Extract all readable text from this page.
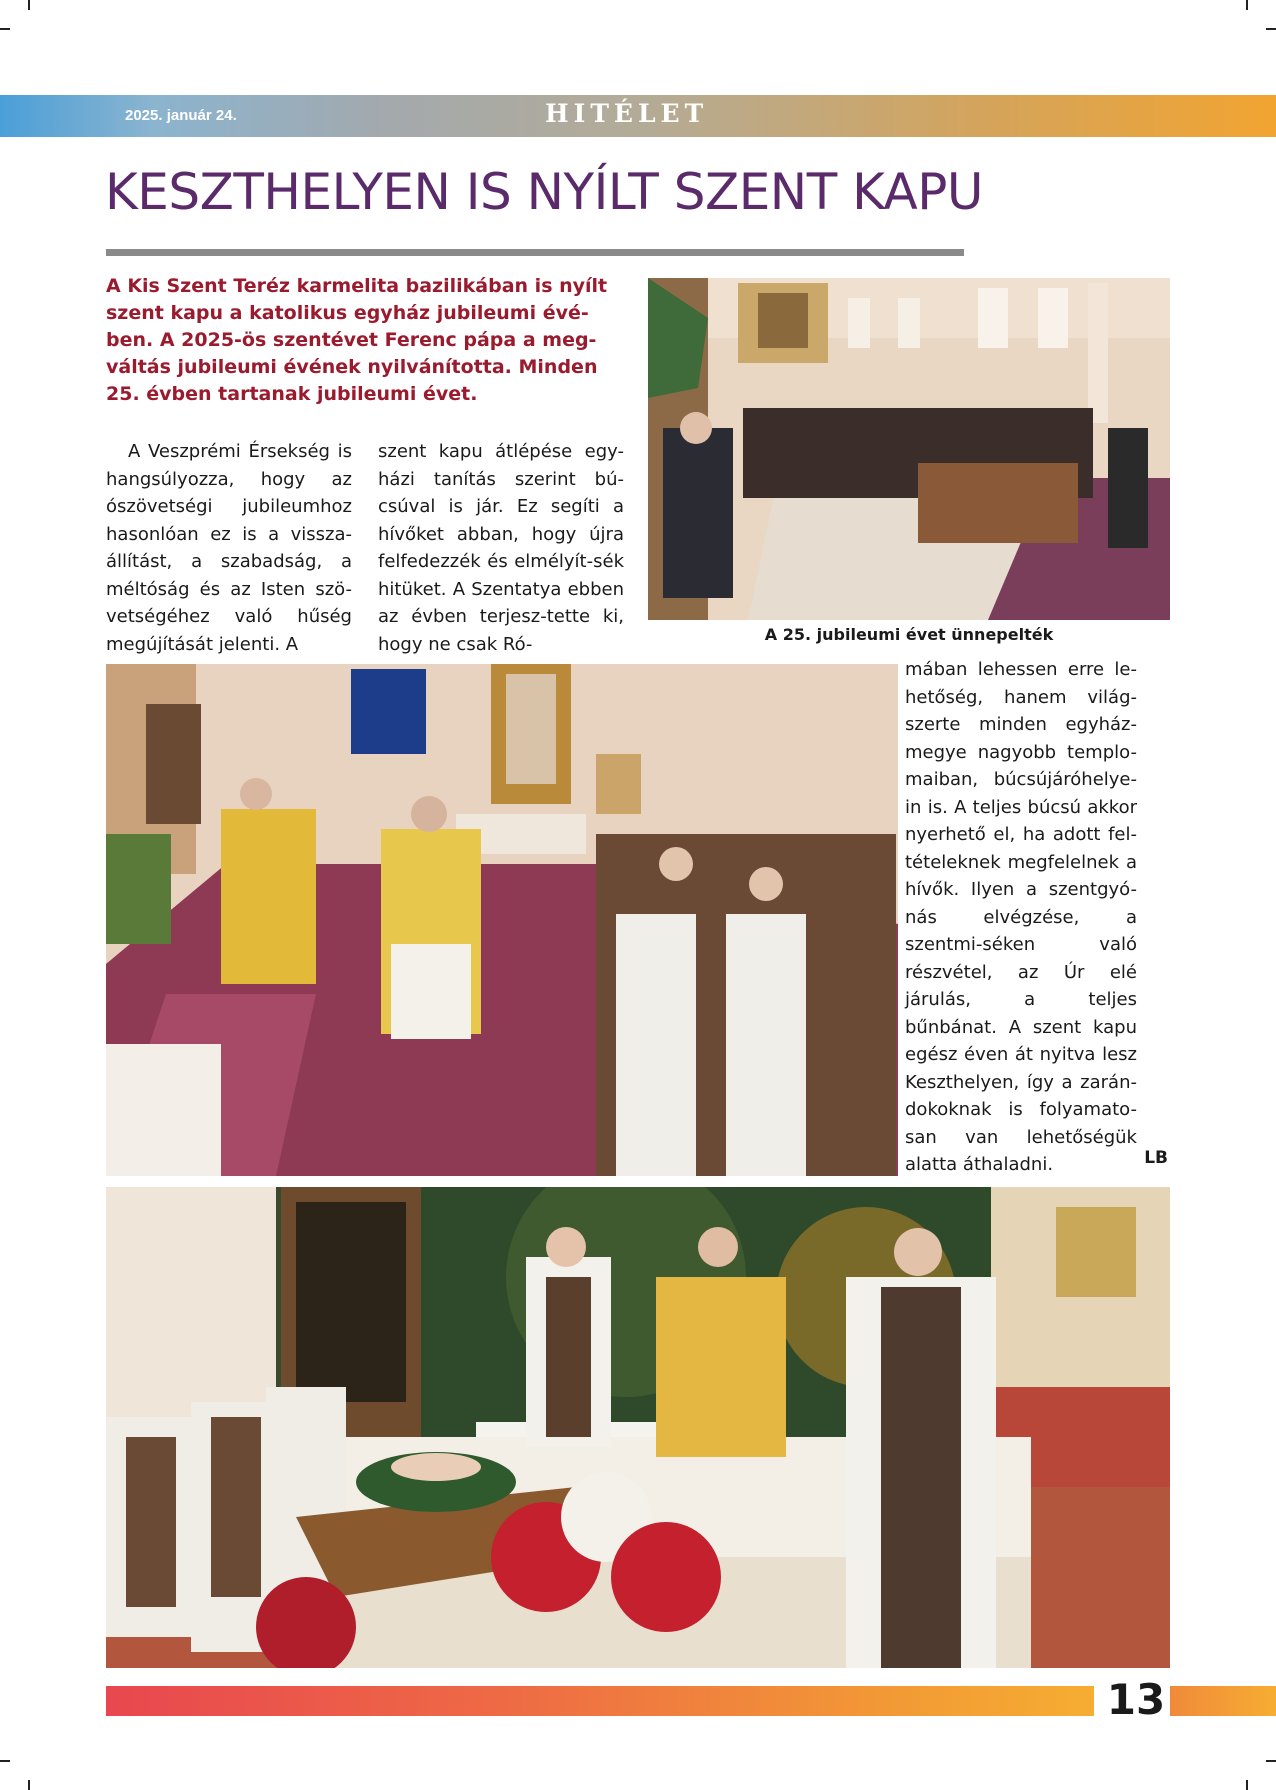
2025. január 24.	HITÉLET
KESZTHELYEN IS NYÍLT SZENT KAPU

A Kis Szent Teréz karmelita bazilikában is nyílt szent kapu a katolikus egyház jubileumi évé-ben. A 2025-ös szentévet Ferenc pápa a meg-váltás jubileumi évének nyilvánította. Minden 25. évben tartanak jubileumi évet.

A Veszprémi Érsekség is hangsúlyozza, hogy az ószövetségi jubileumhoz hasonlóan ez is a vissza-állítást, a szabadság, a méltóság és az Isten szö-vetségéhez való hűség megújítását jelenti. A

szent kapu átlépése egy-házi tanítás szerint bú-csúval is jár. Ez segíti a hívőket abban, hogy újra felfedezzék és elmélyít-sék hitüket. A Szentatya ebben az évben terjesz-tette ki, hogy ne csak Ró-

mában lehessen erre le-hetőség, hanem világ-szerte minden egyház-megye nagyobb templo-maiban, búcsújáróhelye-in is. A teljes búcsú akkor nyerhető el, ha adott fel-tételeknek megfelelnek a hívők. Ilyen a szentgyó-nás elvégzése, a szentmi-séken való részvétel, az Úr elé járulás, a teljes bűnbánat. A szent kapu egész éven át nyitva lesz Keszthelyen, így a zarán-dokoknak is folyamato-san van lehetőségük alatta áthaladni.	LB
A 25. jubileumi évet ünnepelték
13
